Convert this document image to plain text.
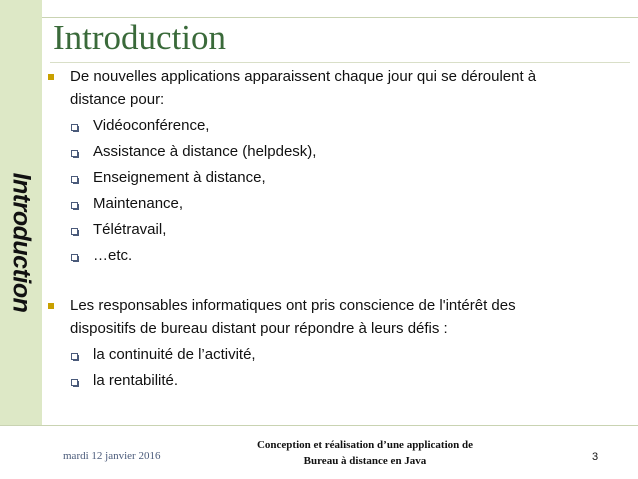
Introduction
Introduction
De nouvelles applications apparaissent chaque jour qui se déroulent à
distance pour:
Vidéoconférence,
Assistance à distance (helpdesk),
Enseignement à distance,
Maintenance,
Télétravail,
…etc.
Les responsables informatiques ont pris conscience de l'intérêt des
dispositifs de bureau distant pour répondre à leurs défis :
la continuité de l’activité,
la rentabilité.
mardi 12 janvier 2016
Conception et réalisation d’une application de
Bureau à distance en Java	3
